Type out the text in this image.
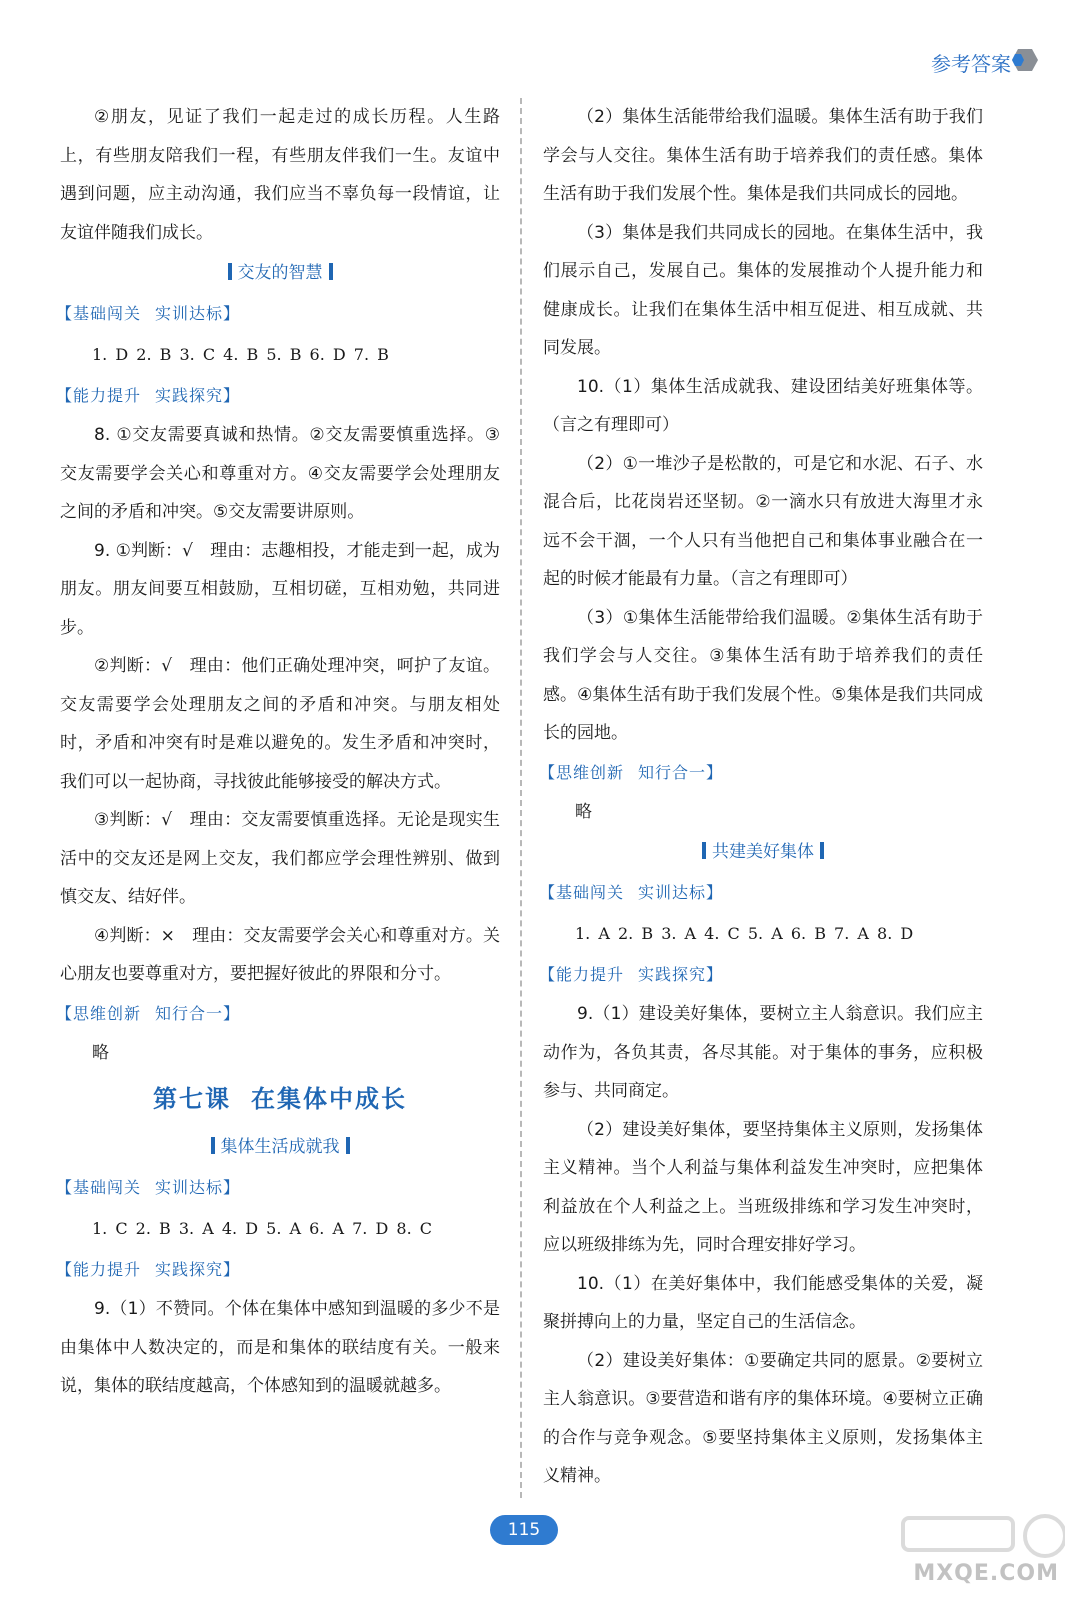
参考答案

②朋友，见证了我们一起走过的成长历程。人生路上，有些朋友陪我们一程，有些朋友伴我们一生。友谊中遇到问题，应主动沟通，我们应当不辜负每一段情谊，让友谊伴随我们成长。

交友的智慧
【基础闯关 实训达标】
1. D 2. B 3. C 4. B 5. B 6. D 7. B
【能力提升 实践探究】

8. ①交友需要真诚和热情。②交友需要慎重选择。③交友需要学会关心和尊重对方。④交友需要学会处理朋友之间的矛盾和冲突。⑤交友需要讲原则。

9. ①判断：√　理由：志趣相投，才能走到一起，成为朋友。朋友间要互相鼓励，互相切磋，互相劝勉，共同进步。

②判断：√　理由：他们正确处理冲突，呵护了友谊。交友需要学会处理朋友之间的矛盾和冲突。与朋友相处时，矛盾和冲突有时是难以避免的。发生矛盾和冲突时，我们可以一起协商，寻找彼此能够接受的解决方式。

③判断：√　理由：交友需要慎重选择。无论是现实生活中的交友还是网上交友，我们都应学会理性辨别、做到慎交友、结好伴。

④判断：×　理由：交友需要学会关心和尊重对方。关心朋友也要尊重对方，要把握好彼此的界限和分寸。

【思维创新 知行合一】

略

第七课 在集体中成长
集体生活成就我
【基础闯关 实训达标】
1. C 2. B 3. A 4. D 5. A 6. A 7. D 8. C
【能力提升 实践探究】

9.（1）不赞同。个体在集体中感知到温暖的多少不是由集体中人数决定的，而是和集体的联结度有关。一般来说，集体的联结度越高，个体感知到的温暖就越多。

（2）集体生活能带给我们温暖。集体生活有助于我们学会与人交往。集体生活有助于培养我们的责任感。集体生活有助于我们发展个性。集体是我们共同成长的园地。

（3）集体是我们共同成长的园地。在集体生活中，我们展示自己，发展自己。集体的发展推动个人提升能力和健康成长。让我们在集体生活中相互促进、相互成就、共同发展。

10.（1）集体生活成就我、建设团结美好班集体等。（言之有理即可）

（2）①一堆沙子是松散的，可是它和水泥、石子、水混合后，比花岗岩还坚韧。②一滴水只有放进大海里才永远不会干涸，一个人只有当他把自己和集体事业融合在一起的时候才能最有力量。（言之有理即可）

（3）①集体生活能带给我们温暖。②集体生活有助于我们学会与人交往。③集体生活有助于培养我们的责任感。④集体生活有助于我们发展个性。⑤集体是我们共同成长的园地。

【思维创新 知行合一】

略

共建美好集体
【基础闯关 实训达标】
1. A 2. B 3. A 4. C 5. A 6. B 7. A 8. D
【能力提升 实践探究】

9.（1）建设美好集体，要树立主人翁意识。我们应主动作为，各负其责，各尽其能。对于集体的事务，应积极参与、共同商定。

（2）建设美好集体，要坚持集体主义原则，发扬集体主义精神。当个人利益与集体利益发生冲突时，应把集体利益放在个人利益之上。当班级排练和学习发生冲突时，应以班级排练为先，同时合理安排好学习。

10.（1）在美好集体中，我们能感受集体的关爱，凝聚拼搏向上的力量，坚定自己的生活信念。

（2）建设美好集体：①要确定共同的愿景。②要树立主人翁意识。③要营造和谐有序的集体环境。④要树立正确的合作与竞争观念。⑤要坚持集体主义原则，发扬集体主义精神。

115
MXQE.COM
